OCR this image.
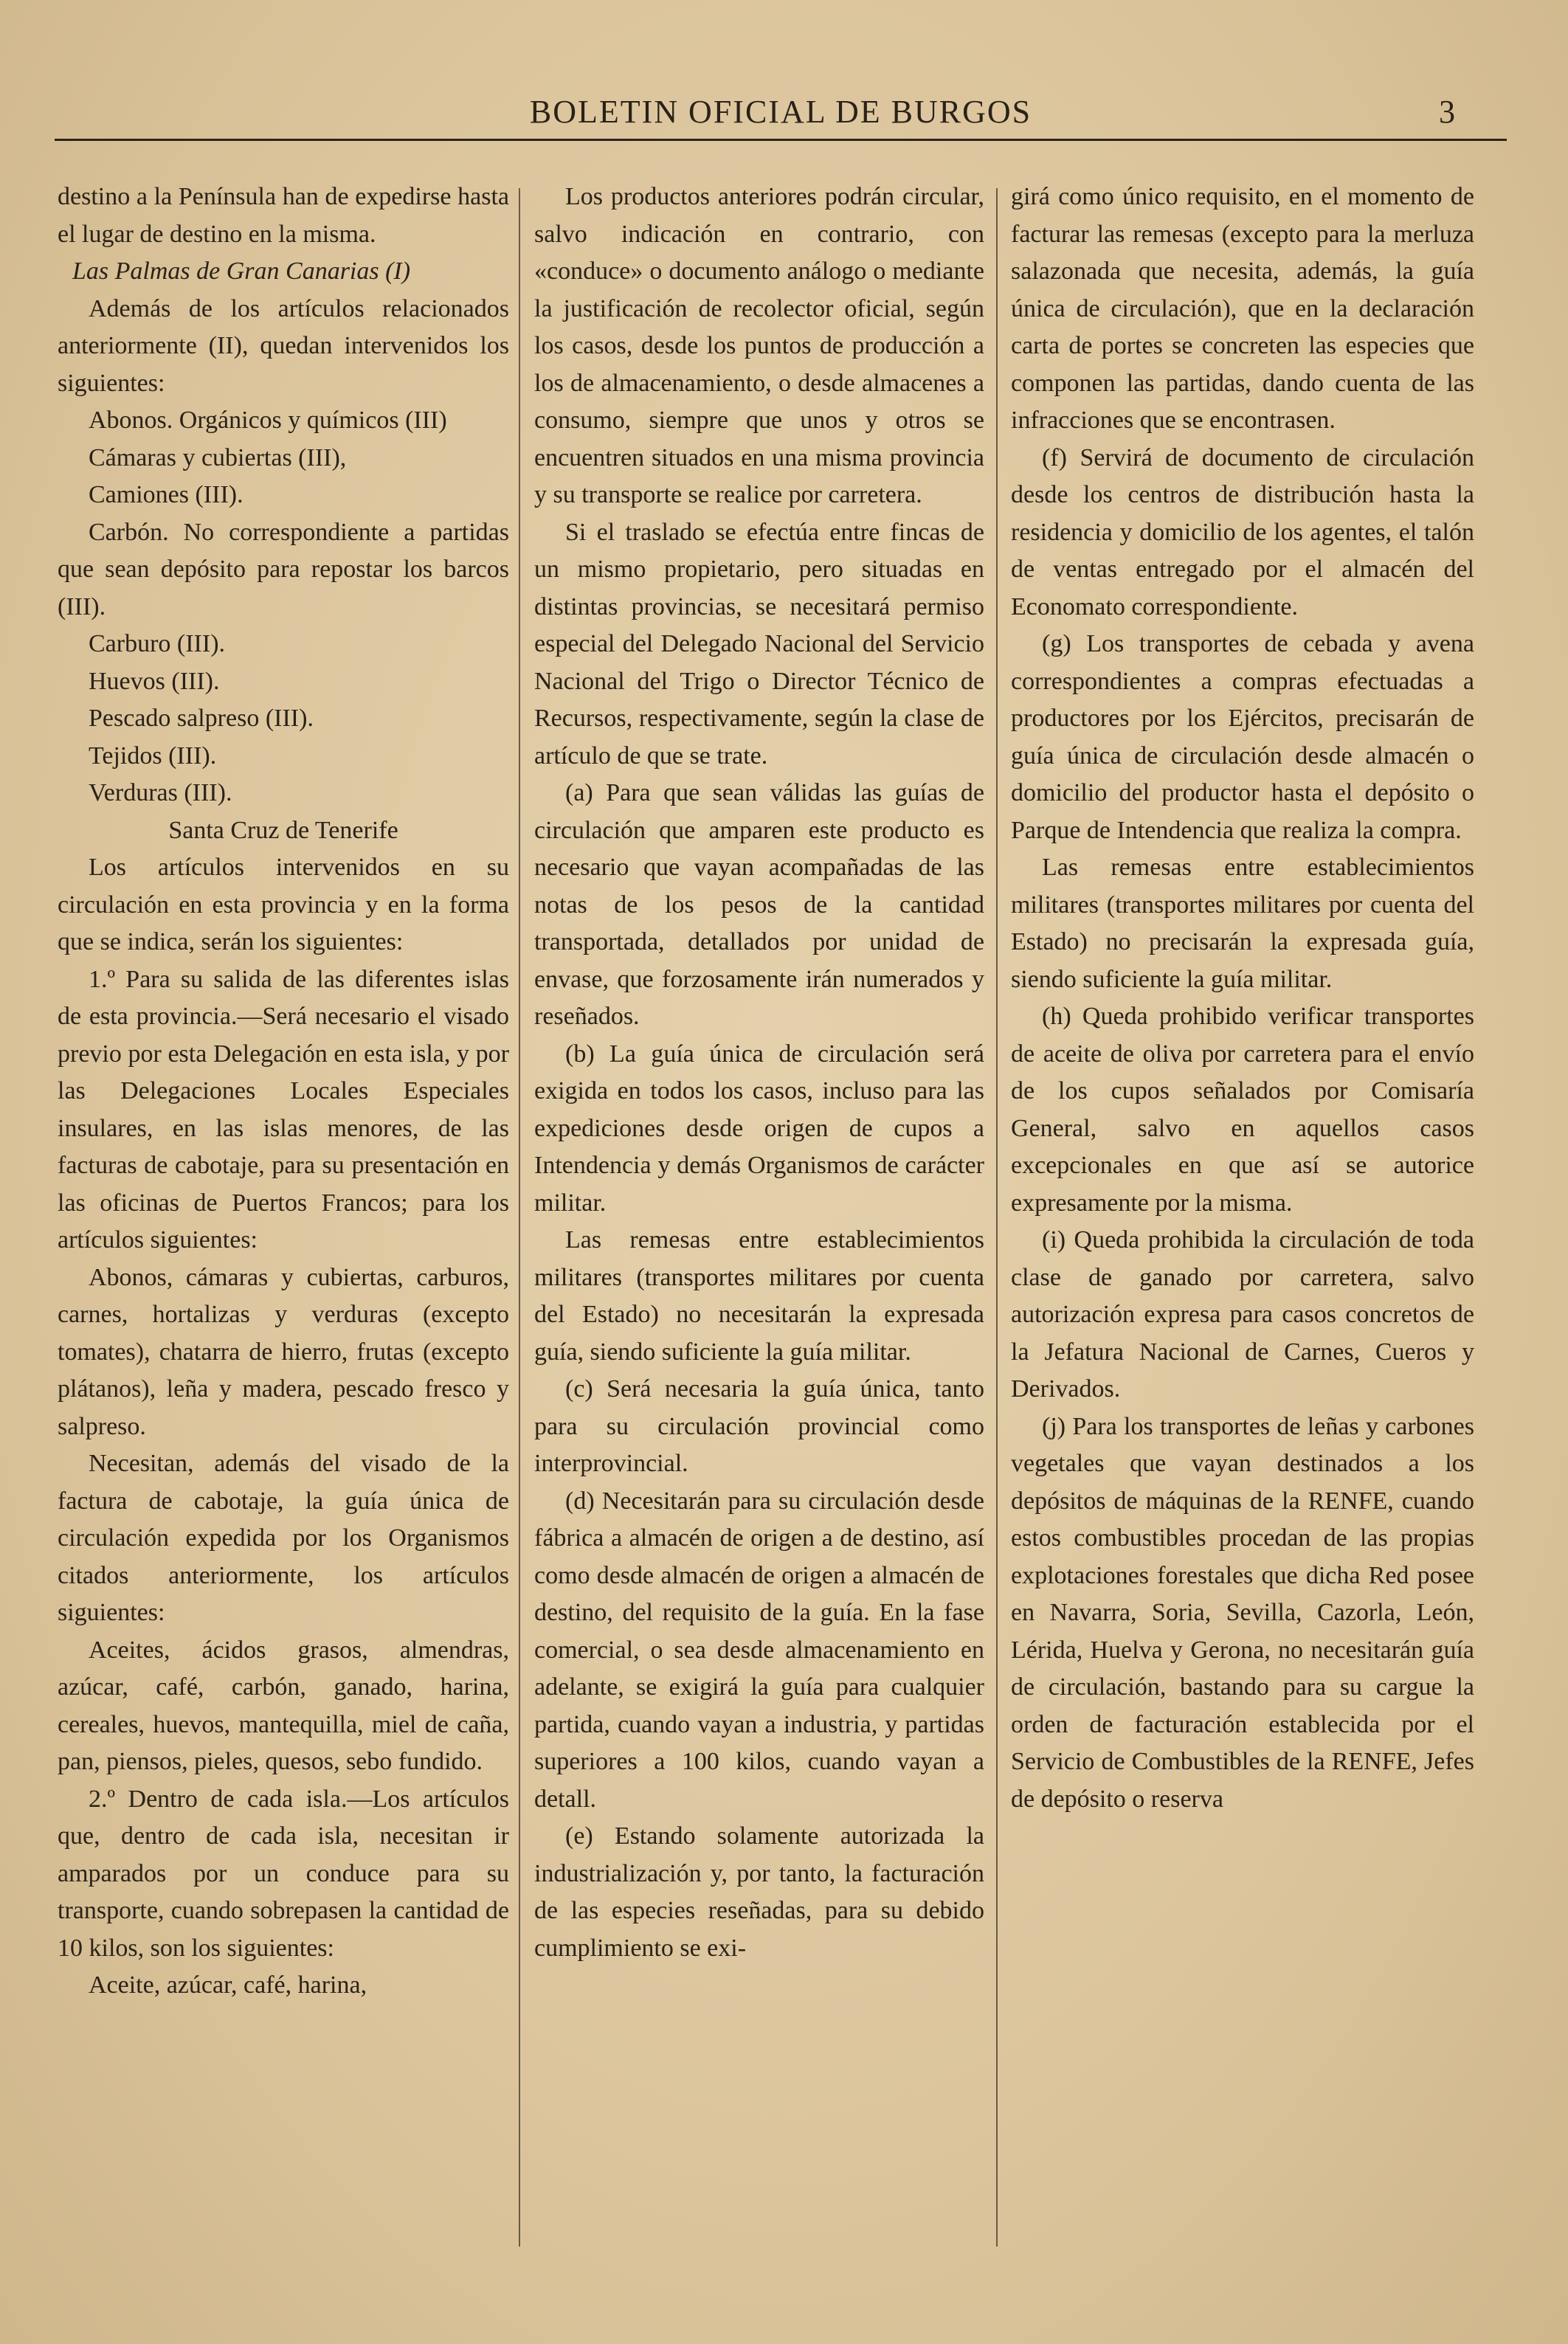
BOLETIN OFICIAL DE BURGOS	3

destino a la Península han de expedirse hasta el lugar de destino en la misma.

Las Palmas de Gran Canarias (I)

Además de los artículos relacionados anteriormente (II), quedan intervenidos los siguientes:

Abonos. Orgánicos y químicos (III)

Cámaras y cubiertas (III),

Camiones (III).

Carbón. No correspondiente a partidas que sean depósito para repostar los barcos (III).

Carburo (III).

Huevos (III).

Pescado salpreso (III).

Tejidos (III).

Verduras (III).

Santa Cruz de Tenerife

Los artículos intervenidos en su circulación en esta provincia y en la forma que se indica, serán los siguientes:

1.º Para su salida de las diferentes islas de esta provincia.—Será necesario el visado previo por esta Delegación en esta isla, y por las Delegaciones Locales Especiales insulares, en las islas menores, de las facturas de cabotaje, para su presentación en las oficinas de Puertos Francos; para los artículos siguientes:

Abonos, cámaras y cubiertas, carburos, carnes, hortalizas y verduras (excepto tomates), chatarra de hierro, frutas (excepto plátanos), leña y madera, pescado fresco y salpreso.

Necesitan, además del visado de la factura de cabotaje, la guía única de circulación expedida por los Organismos citados anteriormente, los artículos siguientes:

Aceites, ácidos grasos, almendras, azúcar, café, carbón, ganado, harina, cereales, huevos, mantequilla, miel de caña, pan, piensos, pieles, quesos, sebo fundido.

2.º Dentro de cada isla.—Los artículos que, dentro de cada isla, necesitan ir amparados por un conduce para su transporte, cuando sobrepasen la cantidad de 10 kilos, son los siguientes:

Aceite, azúcar, café, harina,

Los productos anteriores podrán circular, salvo indicación en contrario, con «conduce» o documento análogo o mediante la justificación de recolector oficial, según los casos, desde los puntos de producción a los de almacenamiento, o desde almacenes a consumo, siempre que unos y otros se encuentren situados en una misma provincia y su transporte se realice por carretera.

Si el traslado se efectúa entre fincas de un mismo propietario, pero situadas en distintas provincias, se necesitará permiso especial del Delegado Nacional del Servicio Nacional del Trigo o Director Técnico de Recursos, respectivamente, según la clase de artículo de que se trate.

(a) Para que sean válidas las guías de circulación que amparen este producto es necesario que vayan acompañadas de las notas de los pesos de la cantidad transportada, detallados por unidad de envase, que forzosamente irán numerados y reseñados.

(b) La guía única de circulación será exigida en todos los casos, incluso para las expediciones desde origen de cupos a Intendencia y demás Organismos de carácter militar.

Las remesas entre establecimientos militares (transportes militares por cuenta del Estado) no necesitarán la expresada guía, siendo suficiente la guía militar.

(c) Será necesaria la guía única, tanto para su circulación provincial como interprovincial.

(d) Necesitarán para su circulación desde fábrica a almacén de origen a de destino, así como desde almacén de origen a almacén de destino, del requisito de la guía. En la fase comercial, o sea desde almacenamiento en adelante, se exigirá la guía para cualquier partida, cuando vayan a industria, y partidas superiores a 100 kilos, cuando vayan a detall.

(e) Estando solamente autorizada la industrialización y, por tanto, la facturación de las especies reseñadas, para su debido cumplimiento se exi-

girá como único requisito, en el momento de facturar las remesas (excepto para la merluza salazonada que necesita, además, la guía única de circulación), que en la declaración carta de portes se concreten las especies que componen las partidas, dando cuenta de las infracciones que se encontrasen.

(f) Servirá de documento de circulación desde los centros de distribución hasta la residencia y domicilio de los agentes, el talón de ventas entregado por el almacén del Economato correspondiente.

(g) Los transportes de cebada y avena correspondientes a compras efectuadas a productores por los Ejércitos, precisarán de guía única de circulación desde almacén o domicilio del productor hasta el depósito o Parque de Intendencia que realiza la compra.

Las remesas entre establecimientos militares (transportes militares por cuenta del Estado) no precisarán la expresada guía, siendo suficiente la guía militar.

(h) Queda prohibido verificar transportes de aceite de oliva por carretera para el envío de los cupos señalados por Comisaría General, salvo en aquellos casos excepcionales en que así se autorice expresamente por la misma.

(i) Queda prohibida la circulación de toda clase de ganado por carretera, salvo autorización expresa para casos concretos de la Jefatura Nacional de Carnes, Cueros y Derivados.

(j) Para los transportes de leñas y carbones vegetales que vayan destinados a los depósitos de máquinas de la RENFE, cuando estos combustibles procedan de las propias explotaciones forestales que dicha Red posee en Navarra, Soria, Sevilla, Cazorla, León, Lérida, Huelva y Gerona, no necesitarán guía de circulación, bastando para su cargue la orden de facturación establecida por el Servicio de Combustibles de la RENFE, Jefes de depósito o reserva
